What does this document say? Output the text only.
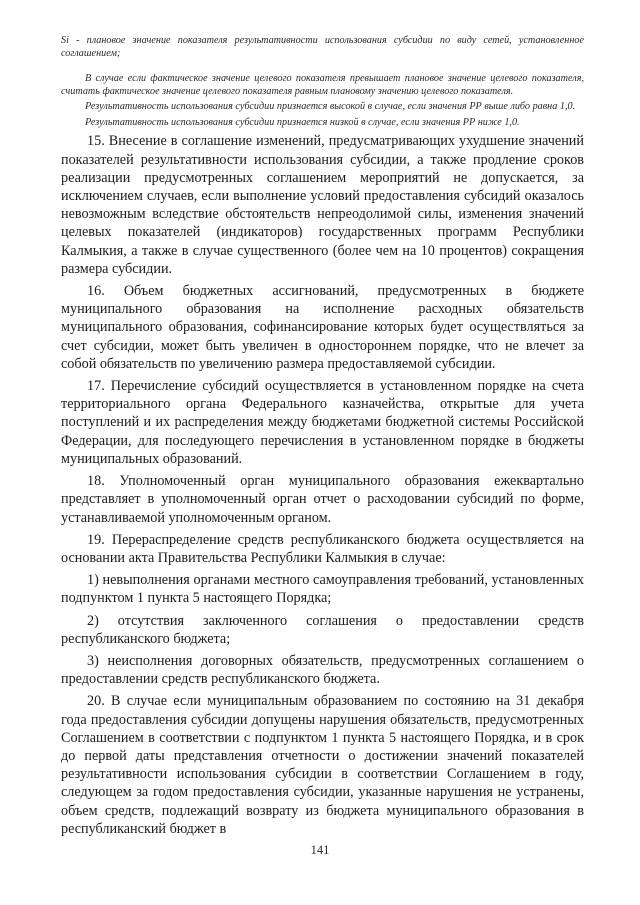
Si - плановое значение показателя результативности использования субсидии по виду сетей, установленное соглашением;

В случае если фактическое значение целевого показателя превышает плановое значение целевого показателя, считать фактическое значение целевого показателя равным плановому значению целевого показателя.

Результативность использования субсидии признается высокой в случае, если значения РР выше либо равна 1,0.

Результативность использования субсидии признается низкой в случае, если значения РР ниже 1,0.

15. Внесение в соглашение изменений, предусматривающих ухудшение значений показателей результативности использования субсидии, а также продление сроков реализации предусмотренных соглашением мероприятий не допускается, за исключением случаев, если выполнение условий предоставления субсидий оказалось невозможным вследствие обстоятельств непреодолимой силы, изменения значений целевых показателей (индикаторов) государственных программ Республики Калмыкия, а также в случае существенного (более чем на 10 процентов) сокращения размера субсидии.

16. Объем бюджетных ассигнований, предусмотренных в бюджете муниципального образования на исполнение расходных обязательств муниципального образования, софинансирование которых будет осуществляться за счет субсидии, может быть увеличен в одностороннем порядке, что не влечет за собой обязательств по увеличению размера предоставляемой субсидии.

17. Перечисление субсидий осуществляется в установленном порядке на счета территориального органа Федерального казначейства, открытые для учета поступлений и их распределения между бюджетами бюджетной системы Российской Федерации, для последующего перечисления в установленном порядке в бюджеты муниципальных образований.

18. Уполномоченный орган муниципального образования ежеквартально представляет в уполномоченный орган отчет о расходовании субсидий по форме, устанавливаемой уполномоченным органом.

19. Перераспределение средств республиканского бюджета осуществляется на основании акта Правительства Республики Калмыкия в случае:

1) невыполнения органами местного самоуправления требований, установленных подпунктом 1 пункта 5 настоящего Порядка;

2) отсутствия заключенного соглашения о предоставлении средств республиканского бюджета;

3) неисполнения договорных обязательств, предусмотренных соглашением о предоставлении средств республиканского бюджета.

20. В случае если муниципальным образованием по состоянию на 31 декабря года предоставления субсидии допущены нарушения обязательств, предусмотренных Соглашением в соответствии с подпунктом 1 пункта 5 настоящего Порядка, и в срок до первой даты представления отчетности о достижении значений показателей результативности использования субсидии в соответствии Соглашением в году, следующем за годом предоставления субсидии, указанные нарушения не устранены, объем средств, подлежащий возврату из бюджета муниципального образования в республиканский бюджет в

141
